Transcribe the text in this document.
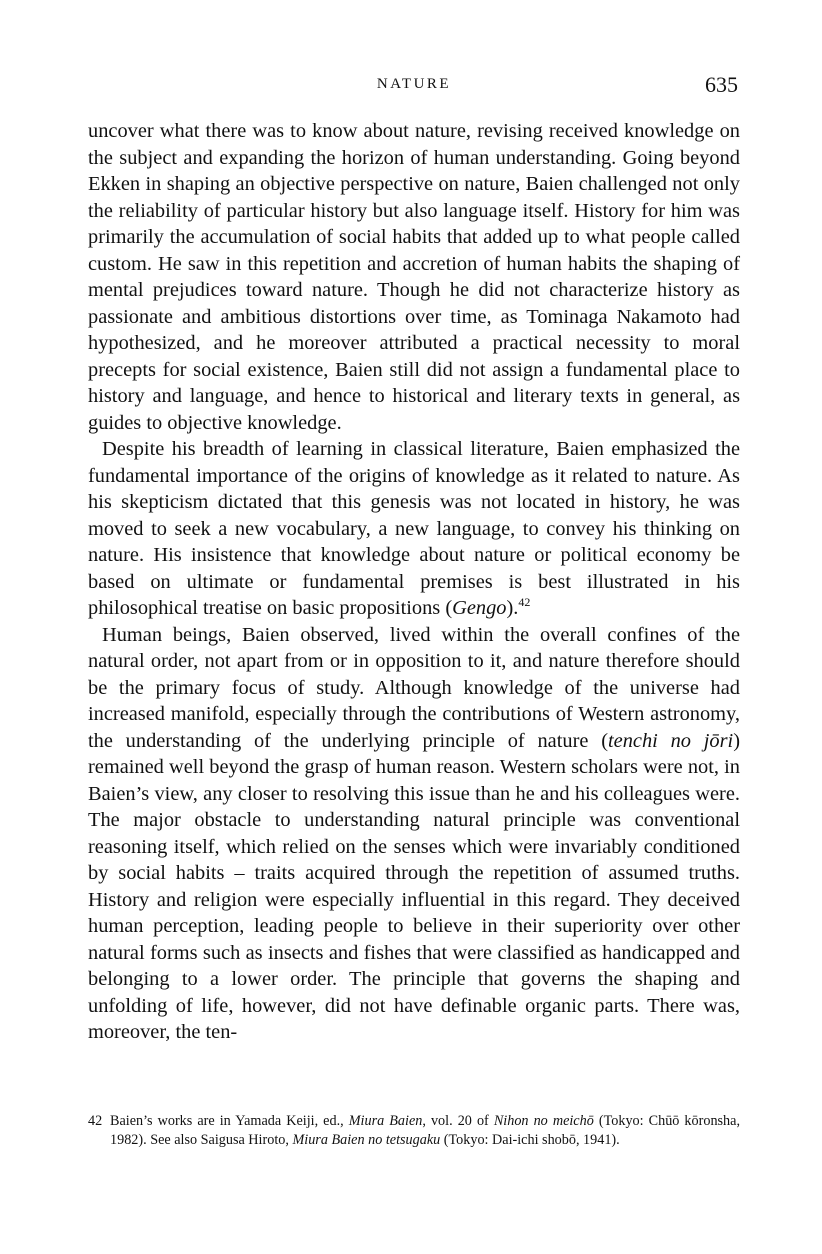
NATURE	635

uncover what there was to know about nature, revising received knowledge on the subject and expanding the horizon of human understanding. Going beyond Ekken in shaping an objective perspective on nature, Baien challenged not only the reliability of particular history but also language itself. History for him was primarily the accumulation of social habits that added up to what people called custom. He saw in this repetition and accretion of human habits the shaping of mental prejudices toward nature. Though he did not characterize history as passionate and ambitious distortions over time, as Tominaga Nakamoto had hypothesized, and he moreover attributed a practical necessity to moral precepts for social existence, Baien still did not assign a fundamental place to history and language, and hence to historical and literary texts in general, as guides to objective knowledge.

Despite his breadth of learning in classical literature, Baien emphasized the fundamental importance of the origins of knowledge as it related to nature. As his skepticism dictated that this genesis was not located in history, he was moved to seek a new vocabulary, a new language, to convey his thinking on nature. His insistence that knowledge about nature or political economy be based on ultimate or fundamental premises is best illustrated in his philosophical treatise on basic propositions (Gengo).$^{42}$

Human beings, Baien observed, lived within the overall confines of the natural order, not apart from or in opposition to it, and nature therefore should be the primary focus of study. Although knowledge of the universe had increased manifold, especially through the contributions of Western astronomy, the understanding of the underlying principle of nature (tenchi no jōri) remained well beyond the grasp of human reason. Western scholars were not, in Baien’s view, any closer to resolving this issue than he and his colleagues were. The major obstacle to understanding natural principle was conventional reasoning itself, which relied on the senses which were invariably conditioned by social habits – traits acquired through the repetition of assumed truths. History and religion were especially influential in this regard. They deceived human perception, leading people to believe in their superiority over other natural forms such as insects and fishes that were classified as handicapped and belonging to a lower order. The principle that governs the shaping and unfolding of life, however, did not have definable organic parts. There was, moreover, the ten-

42 Baien’s works are in Yamada Keiji, ed., Miura Baien, vol. 20 of Nihon no meichō (Tokyo: Chūō kōronsha, 1982). See also Saigusa Hiroto, Miura Baien no tetsugaku (Tokyo: Dai-ichi shobō, 1941).
